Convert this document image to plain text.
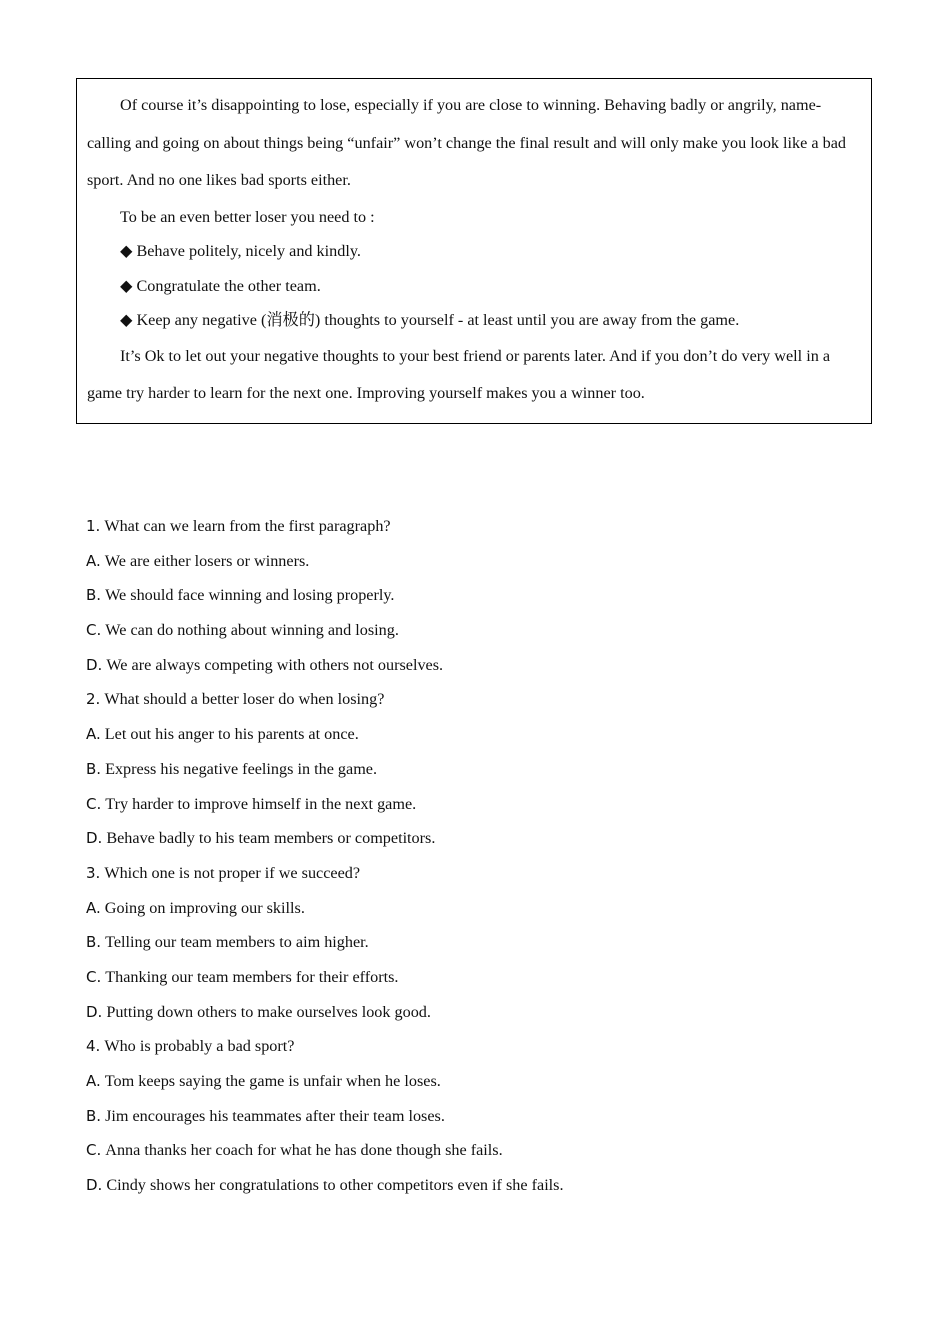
Of course it’s disappointing to lose, especially if you are close to winning. Behaving badly or angrily, name-calling and going on about things being “unfair” won’t change the final result and will only make you look like a bad sport. And no one likes bad sports either.

To be an even better loser you need to :

◆ Behave politely, nicely and kindly.

◆ Congratulate the other team.

◆ Keep any negative (消极的) thoughts to yourself - at least until you are away from the game.

It’s Ok to let out your negative thoughts to your best friend or parents later. And if you don’t do very well in a game try harder to learn for the next one. Improving yourself makes you a winner too.

1. What can we learn from the first paragraph?
A. We are either losers or winners.
B. We should face winning and losing properly.
C. We can do nothing about winning and losing.
D. We are always competing with others not ourselves.
2. What should a better loser do when losing?
A. Let out his anger to his parents at once.
B. Express his negative feelings in the game.
C. Try harder to improve himself in the next game.
D. Behave badly to his team members or competitors.
3. Which one is not proper if we succeed?
A. Going on improving our skills.
B. Telling our team members to aim higher.
C. Thanking our team members for their efforts.
D. Putting down others to make ourselves look good.
4. Who is probably a bad sport?
A. Tom keeps saying the game is unfair when he loses.
B. Jim encourages his teammates after their team loses.
C. Anna thanks her coach for what he has done though she fails.
D. Cindy shows her congratulations to other competitors even if she fails.
